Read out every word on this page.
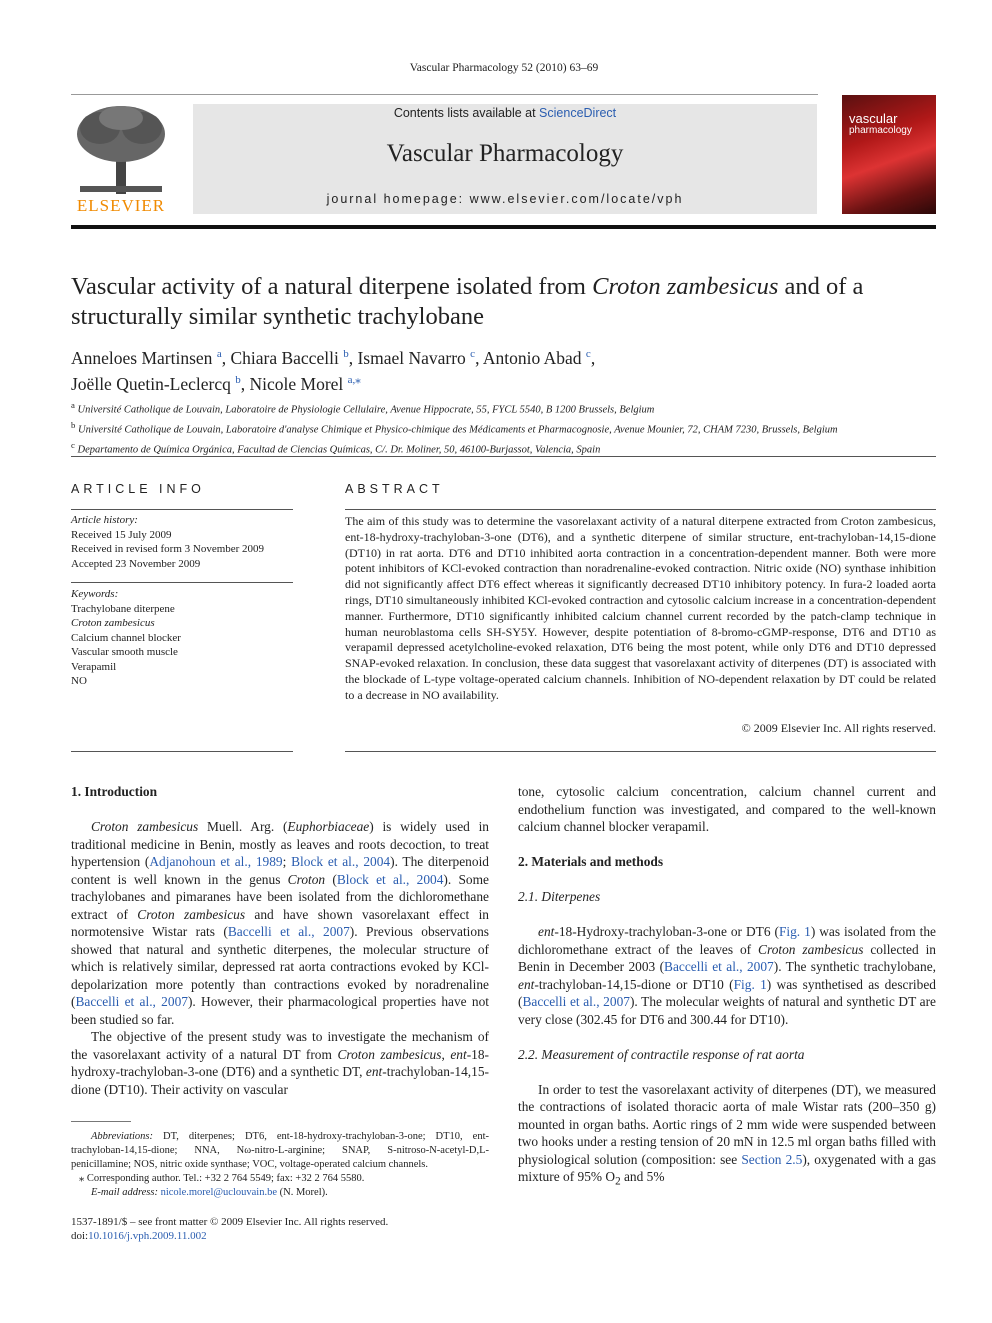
Vascular Pharmacology 52 (2010) 63–69
ELSEVIER
Contents lists available at ScienceDirect
Vascular Pharmacology
journal homepage: www.elsevier.com/locate/vph
vascular
pharmacology
Vascular activity of a natural diterpene isolated from Croton zambesicus and of a structurally similar synthetic trachylobane
Anneloes Martinsen $^a$, Chiara Baccelli $^b$, Ismael Navarro $^c$, Antonio Abad $^c$,
Joëlle Quetin-Leclercq $^b$, Nicole Morel $^{a,⁎}$
$^a$ Université Catholique de Louvain, Laboratoire de Physiologie Cellulaire, Avenue Hippocrate, 55, FYCL 5540, B 1200 Brussels, Belgium
$^b$ Université Catholique de Louvain, Laboratoire d'analyse Chimique et Physico-chimique des Médicaments et Pharmacognosie, Avenue Mounier, 72, CHAM 7230, Brussels, Belgium
$^c$ Departamento de Química Orgánica, Facultad de Ciencias Químicas, C/. Dr. Moliner, 50, 46100-Burjassot, Valencia, Spain
ARTICLE INFO
Article history:
Received 15 July 2009
Received in revised form 3 November 2009
Accepted 23 November 2009
Keywords:
Trachylobane diterpene
Croton zambesicus
Calcium channel blocker
Vascular smooth muscle
Verapamil
NO
ABSTRACT
The aim of this study was to determine the vasorelaxant activity of a natural diterpene extracted from Croton zambesicus, ent-18-hydroxy-trachyloban-3-one (DT6), and a synthetic diterpene of similar structure, ent-trachyloban-14,15-dione (DT10) in rat aorta. DT6 and DT10 inhibited aorta contraction in a concentration-dependent manner. Both were more potent inhibitors of KCl-evoked contraction than noradrenaline-evoked contraction. Nitric oxide (NO) synthase inhibition did not significantly affect DT6 effect whereas it significantly decreased DT10 inhibitory potency. In fura-2 loaded aorta rings, DT10 simultaneously inhibited KCl-evoked contraction and cytosolic calcium increase in a concentration-dependent manner. Furthermore, DT10 significantly inhibited calcium channel current recorded by the patch-clamp technique in human neuroblastoma cells SH-SY5Y. However, despite potentiation of 8-bromo-cGMP-response, DT6 and DT10 as verapamil depressed acetylcholine-evoked relaxation, DT6 being the most potent, while only DT6 and DT10 depressed SNAP-evoked relaxation. In conclusion, these data suggest that vasorelaxant activity of diterpenes (DT) is associated with the blockade of L-type voltage-operated calcium channels. Inhibition of NO-dependent relaxation by DT could be related to a decrease in NO availability.
© 2009 Elsevier Inc. All rights reserved.

1. Introduction

Croton zambesicus Muell. Arg. (Euphorbiaceae) is widely used in traditional medicine in Benin, mostly as leaves and roots decoction, to treat hypertension (Adjanohoun et al., 1989; Block et al., 2004). The diterpenoid content is well known in the genus Croton (Block et al., 2004). Some trachylobanes and pimaranes have been isolated from the dichloromethane extract of Croton zambesicus and have shown vasorelaxant effect in normotensive Wistar rats (Baccelli et al., 2007). Previous observations showed that natural and synthetic diterpenes, the molecular structure of which is relatively similar, depressed rat aorta contractions evoked by KCl-depolarization more potently than contractions evoked by noradrenaline (Baccelli et al., 2007). However, their pharmacological properties have not been studied so far.

The objective of the present study was to investigate the mechanism of the vasorelaxant activity of a natural DT from Croton zambesicus, ent-18-hydroxy-trachyloban-3-one (DT6) and a synthetic DT, ent-trachyloban-14,15-dione (DT10). Their activity on vascular

Abbreviations: DT, diterpenes; DT6, ent-18-hydroxy-trachyloban-3-one; DT10, ent-trachyloban-14,15-dione; NNA, Nω-nitro-L-arginine; SNAP, S-nitroso-N-acetyl-D,L-penicillamine; NOS, nitric oxide synthase; VOC, voltage-operated calcium channels.
⁎ Corresponding author. Tel.: +32 2 764 5549; fax: +32 2 764 5580.
E-mail address: nicole.morel@uclouvain.be (N. Morel).
1537-1891/$ – see front matter © 2009 Elsevier Inc. All rights reserved.
doi:10.1016/j.vph.2009.11.002

tone, cytosolic calcium concentration, calcium channel current and endothelium function was investigated, and compared to the well-known calcium channel blocker verapamil.

2. Materials and methods

2.1. Diterpenes

ent-18-Hydroxy-trachyloban-3-one or DT6 (Fig. 1) was isolated from the dichloromethane extract of the leaves of Croton zambesicus collected in Benin in December 2003 (Baccelli et al., 2007). The synthetic trachylobane, ent-trachyloban-14,15-dione or DT10 (Fig. 1) was synthetised as described (Baccelli et al., 2007). The molecular weights of natural and synthetic DT are very close (302.45 for DT6 and 300.44 for DT10).

2.2. Measurement of contractile response of rat aorta

In order to test the vasorelaxant activity of diterpenes (DT), we measured the contractions of isolated thoracic aorta of male Wistar rats (200–350 g) mounted in organ baths. Aortic rings of 2 mm wide were suspended between two hooks under a resting tension of 20 mN in 12.5 ml organ baths filled with physiological solution (composition: see Section 2.5), oxygenated with a gas mixture of 95% $O_2$ and 5%
